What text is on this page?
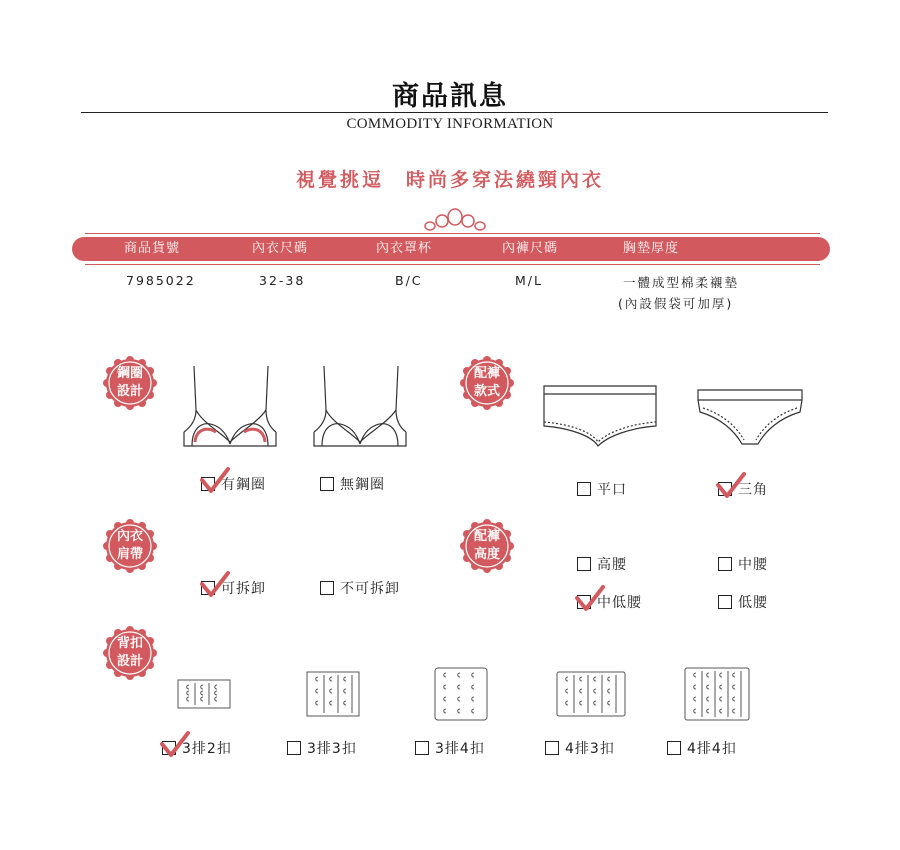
商品訊息
COMMODITY INFORMATION
視覺挑逗　時尚多穿法繞頸內衣
商品貨號	內衣尺碼	內衣罩杯	內褲尺碼	胸墊厚度
7985022	32-38	B/C	M/L	一體成型棉柔襯墊
(內設假袋可加厚)
鋼圈
設計
有鋼圈	無鋼圈
配褲
款式
平口	三角
內衣
肩帶
可拆卸	不可拆卸
配褲
高度
高腰	中腰
中低腰	低腰
背扣
設計
3排2扣	3排3扣	3排4扣	4排3扣	4排4扣
